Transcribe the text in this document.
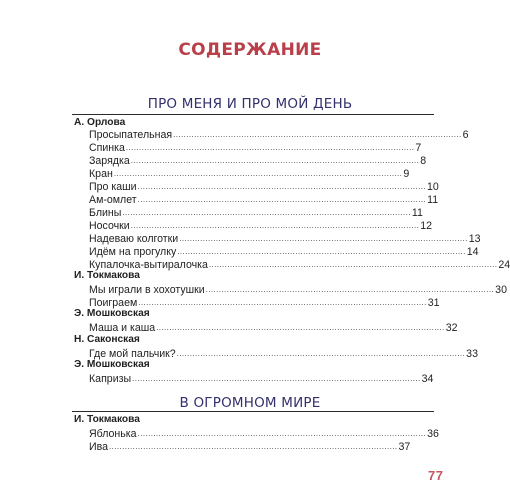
СОДЕРЖАНИЕ
ПРО МЕНЯ И ПРО МОЙ ДЕНЬ
А. Орлова
Просыпательная .............................................................................................................. 6
Спинка .............................................................................................................. 7
Зарядка .............................................................................................................. 8
Кран .............................................................................................................. 9
Про каши .............................................................................................................. 10
Ам-омлет .............................................................................................................. 11
Блины .............................................................................................................. 11
Носочки .............................................................................................................. 12
Надеваю колготки .............................................................................................................. 13
Идём на прогулку .............................................................................................................. 14
Купалочка-вытиралочка .............................................................................................................. 24
И. Токмакова
Мы играли в хохотушки .............................................................................................................. 30
Поиграем .............................................................................................................. 31
Э. Мошковская
Маша и каша .............................................................................................................. 32
Н. Саконская
Где мой пальчик? .............................................................................................................. 33
Э. Мошковская
Капризы .............................................................................................................. 34
В ОГРОМНОМ МИРЕ
И. Токмакова
Яблонька .............................................................................................................. 36
Ива .............................................................................................................. 37
77
